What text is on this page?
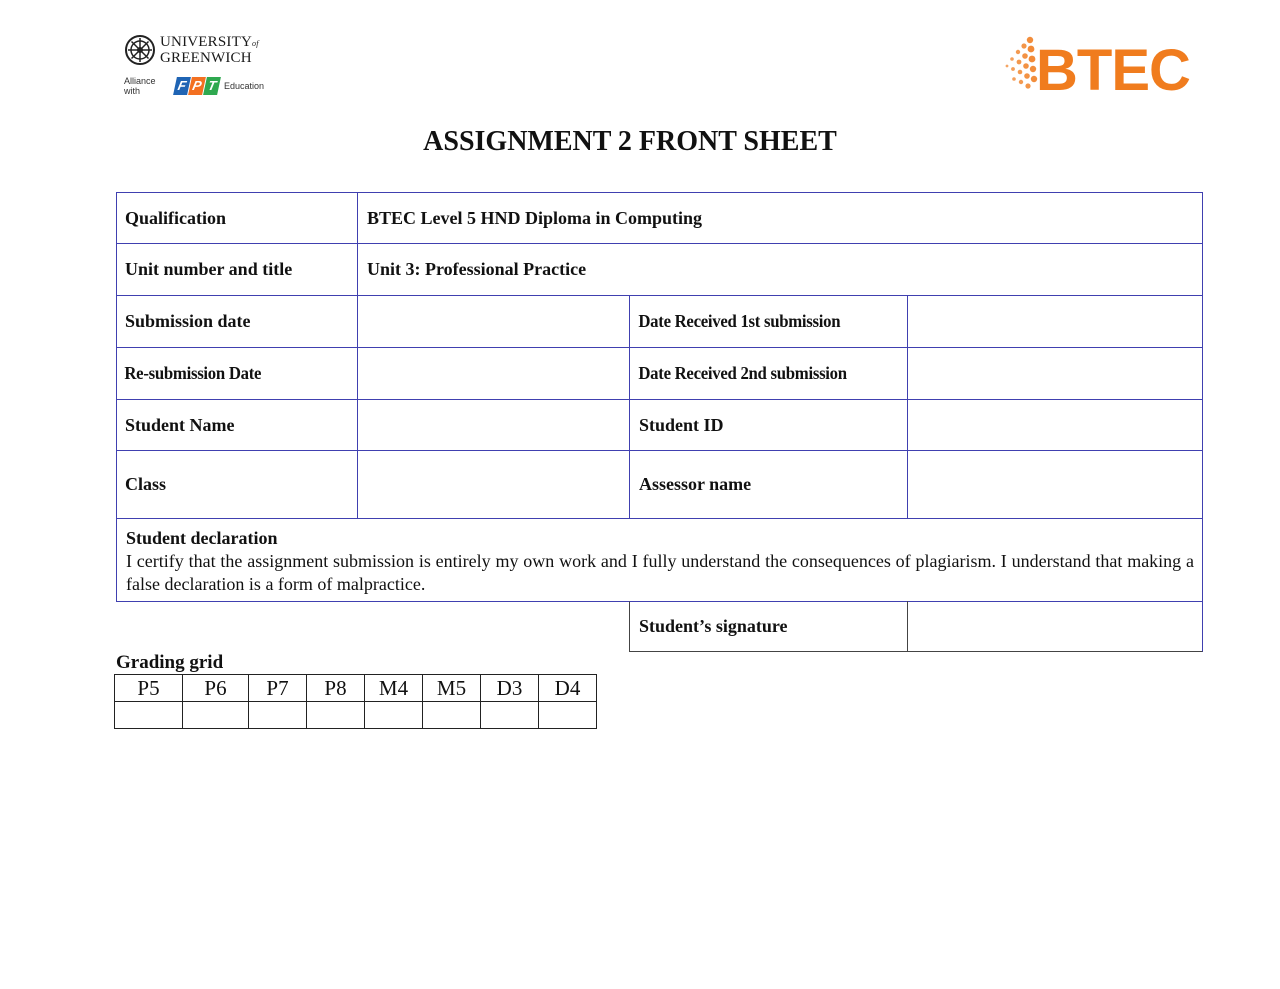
UNIVERSITYof
GREENWICH
Alliance with	F P T Education	BTEC
ASSIGNMENT 2 FRONT SHEET
Qualification	BTEC Level 5 HND Diploma in Computing
Unit number and title	Unit 3: Professional Practice
Submission date	Date Received 1st submission
Re-submission Date	Date Received 2nd submission
Student Name	Student ID
Class	Assessor name
Student declaration
I certify that the assignment submission is entirely my own work and I fully understand the consequences of plagiarism. I understand that making a false declaration is a form of malpractice.
Student’s signature
Grading grid
P5	P6	P7	P8	M4	M5	D3	D4
